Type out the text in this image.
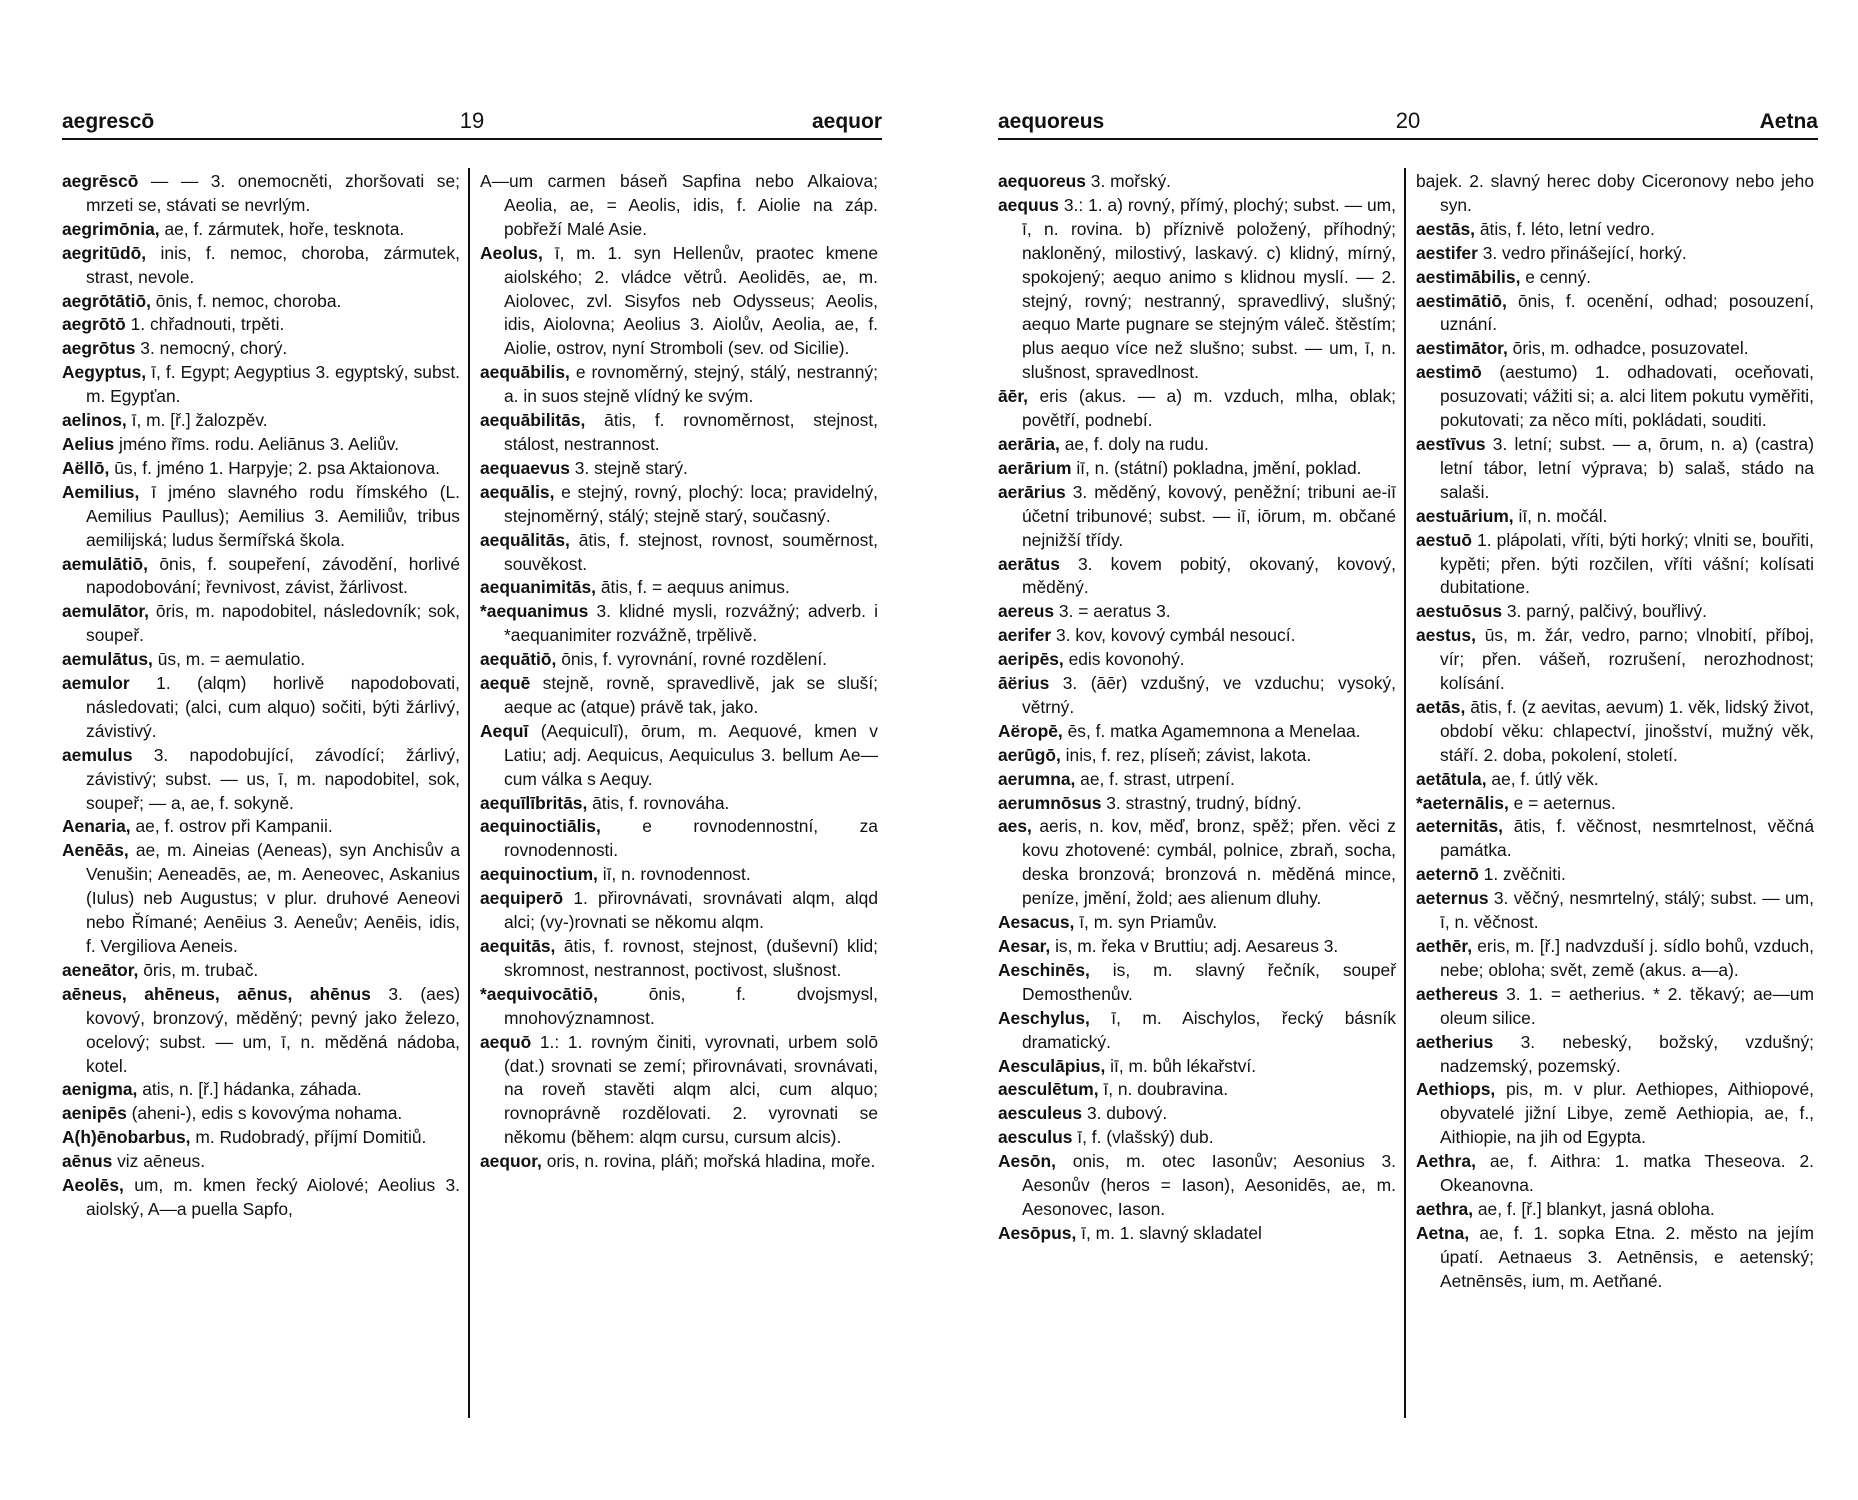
aegrescō	19	aequor

aegrēscō — — 3. onemocněti, zhoršovati se; mrzeti se, stávati se nevrlým.

aegrimōnia, ae, f. zármutek, hoře, tesknota.

aegritūdō, inis, f. nemoc, choroba, zármutek, strast, nevole.

aegrōtātiō, ōnis, f. nemoc, choroba.

aegrōtō 1. chřadnouti, trpěti.

aegrōtus 3. nemocný, chorý.

Aegyptus, ī, f. Egypt; Aegyptius 3. egyptský, subst. m. Egypťan.

aelinos, ī, m. [ř.] žalozpěv.

Aelius jméno řīms. rodu. Aeliānus 3. Aeliův.

Aëllō, ūs, f. jméno 1. Harpyje; 2. psa Aktaionova.

Aemilius, ī jméno slavného rodu římského (L. Aemilius Paullus); Aemilius 3. Aemiliův, tribus aemilijská; ludus šermířská škola.

aemulātiō, ōnis, f. soupeření, závodění, horlivé napodobování; řevnivost, závist, žárlivost.

aemulātor, ōris, m. napodobitel, následovník; sok, soupeř.

aemulātus, ūs, m. = aemulatio.

aemulor 1. (alqm) horlivě napodobovati, následovati; (alci, cum alquo) sočiti, býti žárlivý, závistivý.

aemulus 3. napodobující, závodící; žárlivý, závistivý; subst. — us, ī, m. napodobitel, sok, soupeř; — a, ae, f. sokyně.

Aenaria, ae, f. ostrov při Kampanii.

Aenēās, ae, m. Aineias (Aeneas), syn Anchisův a Venušin; Aeneadēs, ae, m. Aeneovec, Askanius (Iulus) neb Augustus; v plur. druhové Aeneovi nebo Římané; Aenēius 3. Aeneův; Aenēis, idis, f. Vergiliova Aeneis.

aeneātor, ōris, m. trubač.

aēneus, ahēneus, aēnus, ahēnus 3. (aes) kovový, bronzový, měděný; pevný jako železo, ocelový; subst. — um, ī, n. měděná nádoba, kotel.

aenigma, atis, n. [ř.] hádanka, záhada.

aenipēs (aheni-), edis s kovovýma nohama.

A(h)ēnobarbus, m. Rudobradý, příjmí Domitiů.

aēnus viz aēneus.

Aeolēs, um, m. kmen řecký Aiolové; Aeolius 3. aiolský, A—a puella Sapfo,

A—um carmen báseň Sapfina nebo Alkaiova; Aeolia, ae, = Aeolis, idis, f. Aiolie na záp. pobřeží Malé Asie.

Aeolus, ī, m. 1. syn Hellenův, praotec kmene aiolského; 2. vládce větrů. Aeolidēs, ae, m. Aiolovec, zvl. Sisyfos neb Odysseus; Aeolis, idis, Aiolovna; Aeolius 3. Aiolův, Aeolia, ae, f. Aiolie, ostrov, nyní Stromboli (sev. od Sicilie).

aequābilis, e rovnoměrný, stejný, stálý, nestranný; a. in suos stejně vlídný ke svým.

aequābilitās, ātis, f. rovnoměrnost, stejnost, stálost, nestrannost.

aequaevus 3. stejně starý.

aequālis, e stejný, rovný, plochý: loca; pravidelný, stejnoměrný, stálý; stejně starý, současný.

aequālitās, ātis, f. stejnost, rovnost, souměrnost, souvěkost.

aequanimitās, ātis, f. = aequus animus.

*aequanimus 3. klidné mysli, rozvážný; adverb. i *aequanimiter rozvážně, trpělivě.

aequātiō, ōnis, f. vyrovnání, rovné rozdělení.

aequē stejně, rovně, spravedlivě, jak se sluší; aeque ac (atque) právě tak, jako.

Aequī (Aequiculī), ōrum, m. Aequové, kmen v Latiu; adj. Aequicus, Aequiculus 3. bellum Ae—cum válka s Aequy.

aequīlībritās, ātis, f. rovnováha.

aequinoctiālis, e rovnodennostní, za rovnodennosti.

aequinoctium, iī, n. rovnodennost.

aequiperō 1. přirovnávati, srovnávati alqm, alqd alci; (vy-)rovnati se někomu alqm.

aequitās, ātis, f. rovnost, stejnost, (duševní) klid; skromnost, nestrannost, poctivost, slušnost.

*aequivocātiō,	ōnis, f. dvojsmysl, mnohovýznamnost.

aequō 1.: 1. rovným činiti, vyrovnati, urbem solō (dat.) srovnati se zemí; přirovnávati, srovnávati, na roveň stavěti alqm alci, cum alquo; rovnoprávně rozdělovati. 2. vyrovnati se někomu (během: alqm cursu, cursum alcis).

aequor, oris, n. rovina, pláň; mořská hladina, moře.

aequoreus	20	Aetna

aequoreus 3. mořský.

aequus 3.: 1. a) rovný, přímý, plochý; subst. — um, ī, n. rovina. b) příznivě položený, příhodný; nakloněný, milostivý, laskavý. c) klidný, mírný, spokojený; aequo animo s klidnou myslí. — 2. stejný, rovný; nestranný, spravedlivý, slušný; aequo Marte pugnare se stejným váleč. štěstím; plus aequo více než slušno; subst. — um, ī, n. slušnost, spravedlnost.

āēr, eris (akus. — a) m. vzduch, mlha, oblak; povětří, podnebí.

aerāria, ae, f. doly na rudu.

aerārium iī, n. (státní) pokladna, jmění, poklad.

aerārius 3. měděný, kovový, peněžní; tribuni ae-iī účetní tribunové; subst. — iī, iōrum, m. občané nejnižší třídy.

aerātus 3. kovem pobitý, okovaný, kovový, měděný.

aereus 3. = aeratus 3.

aerifer 3. kov, kovový cymbál nesoucí.

aeripēs, edis kovonohý.

āërius 3. (āēr) vzdušný, ve vzduchu; vysoký, větrný.

Aëropē, ēs, f. matka Agamemnona a Menelaa.

aerūgō, inis, f. rez, plíseň; závist, lakota.

aerumna, ae, f. strast, utrpení.

aerumnōsus 3. strastný, trudný, bídný.

aes, aeris, n. kov, měď, bronz, spěž; přen. věci z kovu zhotovené: cymbál, polnice, zbraň, socha, deska bronzová; bronzová n. měděná mince, peníze, jmění, žold; aes alienum dluhy.

Aesacus, ī, m. syn Priamův.

Aesar, is, m. řeka v Bruttiu; adj. Aesareus 3.

Aeschinēs, is, m. slavný řečník, soupeř Demosthenův.

Aeschylus, ī, m. Aischylos, řecký básník dramatický.

Aesculāpius, iī, m. bůh lékařství.

aesculētum, ī, n. doubravina.

aesculeus 3. dubový.

aesculus ī, f. (vlašský) dub.

Aesōn, onis, m. otec Iasonův; Aesonius 3. Aesonův (heros = Iason), Aesonidēs, ae, m. Aesonovec, Iason.

Aesōpus, ī, m. 1. slavný skladatel

bajek. 2. slavný herec doby Ciceronovy nebo jeho syn.

aestās, ātis, f. léto, letní vedro.

aestifer 3. vedro přinášející, horký.

aestimābilis, e cenný.

aestimātiō, ōnis, f. ocenění, odhad; posouzení, uznání.

aestimātor, ōris, m. odhadce, posuzovatel.

aestimō (aestumo) 1. odhadovati, oceňovati, posuzovati; vážiti si; a. alci litem pokutu vyměřiti, pokutovati; za něco míti, pokládati, souditi.

aestīvus 3. letní; subst. — a, ōrum, n. a) (castra) letní tábor, letní výprava; b) salaš, stádo na salaši.

aestuārium, iī, n. močál.

aestuō 1. plápolati, vříti, býti horký; vlniti se, bouřiti, kypěti; přen. býti rozčilen, vříti vášní; kolísati dubitatione.

aestuōsus 3. parný, palčivý, bouřlivý.

aestus, ūs, m. žár, vedro, parno; vlnobití, příboj, vír; přen. vášeň, rozrušení, nerozhodnost; kolísání.

aetās, ātis, f. (z aevitas, aevum) 1. věk, lidský život, období věku: chlapectví, jinošství, mužný věk, stáří. 2. doba, pokolení, století.

aetātula, ae, f. útlý věk.

*aeternālis, e = aeternus.

aeternitās, ātis, f. věčnost, nesmrtelnost, věčná památka.

aeternō 1. zvěčniti.

aeternus 3. věčný, nesmrtelný, stálý; subst. — um, ī, n. věčnost.

aethēr, eris, m. [ř.] nadvzduší j. sídlo bohů, vzduch, nebe; obloha; svět, země (akus. a—a).

aethereus 3. 1. = aetherius. * 2. těkavý; ae—um oleum silice.

aetherius 3. nebeský, božský, vzdušný; nadzemský, pozemský.

Aethiops, pis, m. v plur. Aethiopes, Aithiopové, obyvatelé jižní Libye, země Aethiopia, ae, f., Aithiopie, na jih od Egypta.

Aethra, ae, f. Aithra: 1. matka Theseova. 2. Okeanovna.

aethra, ae, f. [ř.] blankyt, jasná obloha.

Aetna, ae, f. 1. sopka Etna. 2. město na jejím úpatí. Aetnaeus 3. Aetnēnsis, e aetenský; Aetnēnsēs, ium, m. Aetňané.
